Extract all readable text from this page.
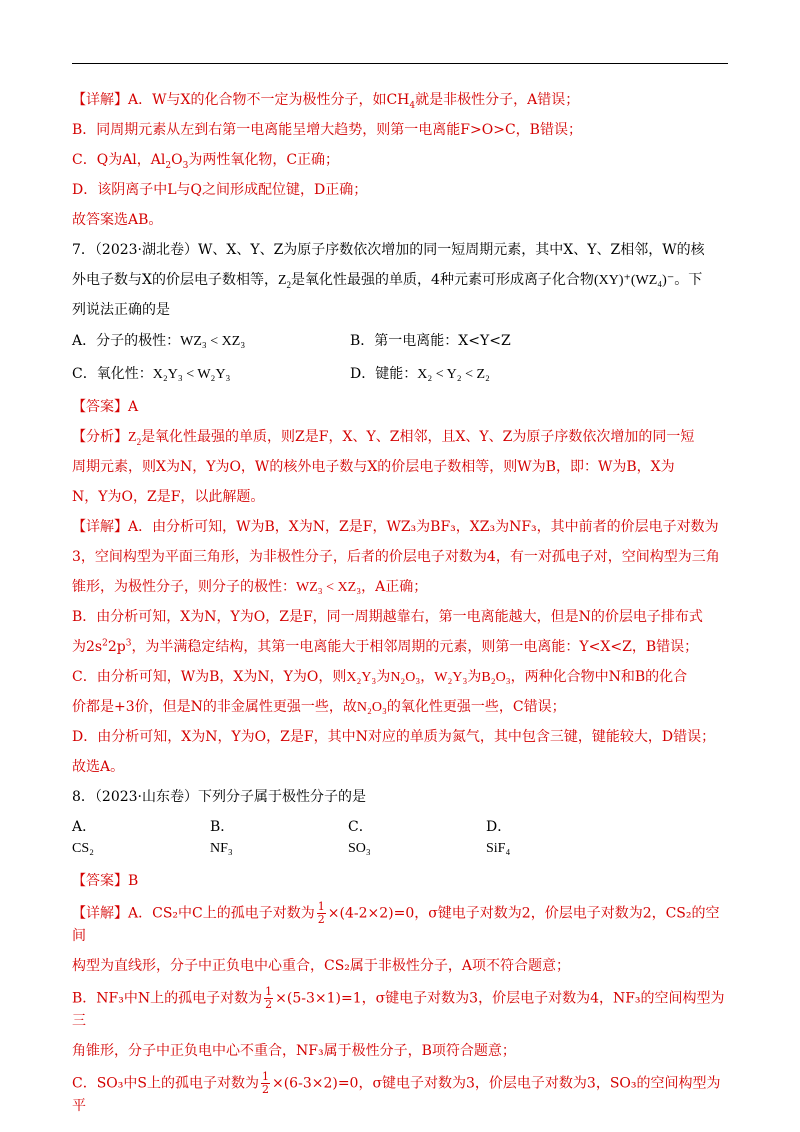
【详解】A．W与X的化合物不一定为极性分子，如$CH_4$就是非极性分子，A错误；
B．同周期元素从左到右第一电离能呈增大趋势，则第一电离能F>O>C，B错误；
C．Q为Al，$Al_2O_3$为两性氧化物，C正确；
D．该阴离子中L与Q之间形成配位键，D正确；
故答案选AB。
7．（2023·湖北卷）W、X、Y、Z为原子序数依次增加的同一短周期元素，其中X、Y、Z相邻，W的核
外电子数与X的价层电子数相等，$Z_2$是氧化性最强的单质，4种元素可形成离子化合物(XY)⁺(WZ₄)⁻。下
列说法正确的是
A．分子的极性：WZ₃ < XZ₃	B．第一电离能：X<Y<Z
C．氧化性：X₂Y₃ < W₂Y₃	D．键能：X₂ < Y₂ < Z₂
【答案】A
【分析】$Z_2$是氧化性最强的单质，则Z是F，X、Y、Z相邻，且X、Y、Z为原子序数依次增加的同一短
周期元素，则X为N，Y为O，W的核外电子数与X的价层电子数相等，则W为B，即：W为B，X为
N，Y为O，Z是F，以此解题。
【详解】A．由分析可知，W为B，X为N，Z是F，WZ₃为BF₃，XZ₃为NF₃，其中前者的价层电子对数为
3，空间构型为平面三角形，为非极性分子，后者的价层电子对数为4，有一对孤电子对，空间构型为三角
锥形，为极性分子，则分子的极性：WZ₃ < XZ₃，A正确；
B．由分析可知，X为N，Y为O，Z是F，同一周期越靠右，第一电离能越大，但是N的价层电子排布式
为$2s^22p^3$，为半满稳定结构，其第一电离能大于相邻周期的元素，则第一电离能：Y<X<Z，B错误；
C．由分析可知，W为B，X为N，Y为O，则X₂Y₃为N₂O₃，W₂Y₃为B₂O₃，两种化合物中N和B的化合
价都是+3价，但是N的非金属性更强一些，故N₂O₃的氧化性更强一些，C错误；
D．由分析可知，X为N，Y为O，Z是F，其中N对应的单质为氮气，其中包含三键，键能较大，D错误；
故选A。
8．（2023·山东卷）下列分子属于极性分子的是
A．CS₂
B．NF₃
C．SO₃
D．SiF₄
【答案】B
【详解】A．CS₂中C上的孤电子对数为 $\frac{1}{2} \times(4-2\times 2)=0$，σ键电子对数为2，价层电子对数为2，CS₂的空间
构型为直线形，分子中正负电中心重合，CS₂属于非极性分子，A项不符合题意；
B．NF₃中N上的孤电子对数为 $\frac{1}{2} \times(5-3\times 1)=1$，σ键电子对数为3，价层电子对数为4，NF₃的空间构型为三
角锥形，分子中正负电中心不重合，NF₃属于极性分子，B项符合题意；
C．SO₃中S上的孤电子对数为 $\frac{1}{2} \times(6-3\times 2)=0$，σ键电子对数为3，价层电子对数为3，SO₃的空间构型为平
